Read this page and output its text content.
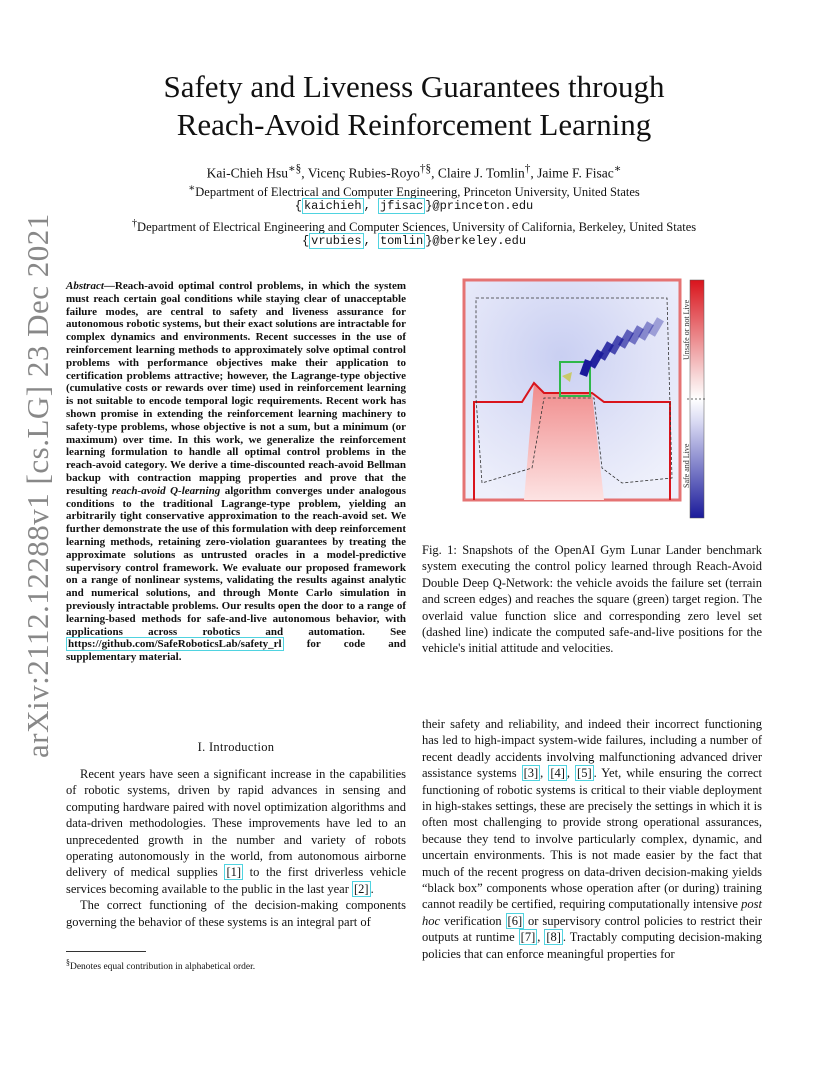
arXiv:2112.12288v1 [cs.LG] 23 Dec 2021
Safety and Liveness Guarantees through
Reach-Avoid Reinforcement Learning
Kai-Chieh Hsu∗§, Vicenç Rubies-Royo†§, Claire J. Tomlin†, Jaime F. Fisac∗
∗Department of Electrical and Computer Engineering, Princeton University, United States
{ kaichieh , jfisac }@princeton.edu
†Department of Electrical Engineering and Computer Sciences, University of California, Berkeley, United States
{ vrubies , tomlin }@berkeley.edu
Abstract—Reach-avoid optimal control problems, in which the system must reach certain goal conditions while staying clear of unacceptable failure modes, are central to safety and liveness assurance for autonomous robotic systems, but their exact solutions are intractable for complex dynamics and environments. Recent successes in the use of reinforcement learning methods to approximately solve optimal control problems with performance objectives make their application to certification problems attractive; however, the Lagrange-type objective (cumulative costs or rewards over time) used in reinforcement learning is not suitable to encode temporal logic requirements. Recent work has shown promise in extending the reinforcement learning machinery to safety-type problems, whose objective is not a sum, but a minimum (or maximum) over time. In this work, we generalize the reinforcement learning formulation to handle all optimal control problems in the reach-avoid category. We derive a time-discounted reach-avoid Bellman backup with contraction mapping properties and prove that the resulting reach-avoid Q-learning algorithm converges under analogous conditions to the traditional Lagrange-type problem, yielding an arbitrarily tight conservative approximation to the reach-avoid set. We further demonstrate the use of this formulation with deep reinforcement learning methods, retaining zero-violation guarantees by treating the approximate solutions as untrusted oracles in a model-predictive supervisory control framework. We evaluate our proposed framework on a range of nonlinear systems, validating the results against analytic and numerical solutions, and through Monte Carlo simulation in previously intractable problems. Our results open the door to a range of learning-based methods for safe-and-live autonomous behavior, with applications across robotics and automation. See https://github.com/SafeRoboticsLab/safety_rl for code and supplementary material.
I. Introduction

Recent years have seen a significant increase in the capabilities of robotic systems, driven by rapid advances in sensing and computing hardware paired with novel optimization algorithms and data-driven methodologies. These improvements have led to an unprecedented growth in the number and variety of robots operating autonomously in the world, from autonomous airborne delivery of medical supplies [1] to the first driverless vehicle services becoming available to the public in the last year [2] .

The correct functioning of the decision-making components governing the behavior of these systems is an integral part of

§Denotes equal contribution in alphabetical order.
Unsafe or not Live
Safe and Live
Fig. 1: Snapshots of the OpenAI Gym Lunar Lander benchmark system executing the control policy learned through Reach-Avoid Double Deep Q-Network: the vehicle avoids the failure set (terrain and screen edges) and reaches the square (green) target region. The overlaid value function slice and corresponding zero level set (dashed line) indicate the computed safe-and-live positions for the vehicle's initial attitude and velocities.
their safety and reliability, and indeed their incorrect functioning has led to high-impact system-wide failures, including a number of recent deadly accidents involving malfunctioning advanced driver assistance systems [3] , [4] , [5] . Yet, while ensuring the correct functioning of robotic systems is critical to their viable deployment in high-stakes settings, these are precisely the settings in which it is often most challenging to provide strong operational assurances, because they tend to involve particularly complex, dynamic, and uncertain environments. This is not made easier by the fact that much of the recent progress on data-driven decision-making yields “black box” components whose operation after (or during) training cannot readily be certified, requiring computationally intensive post hoc verification [6] or supervisory control policies to restrict their outputs at runtime [7] , [8] . Tractably computing decision-making policies that can enforce meaningful properties for
